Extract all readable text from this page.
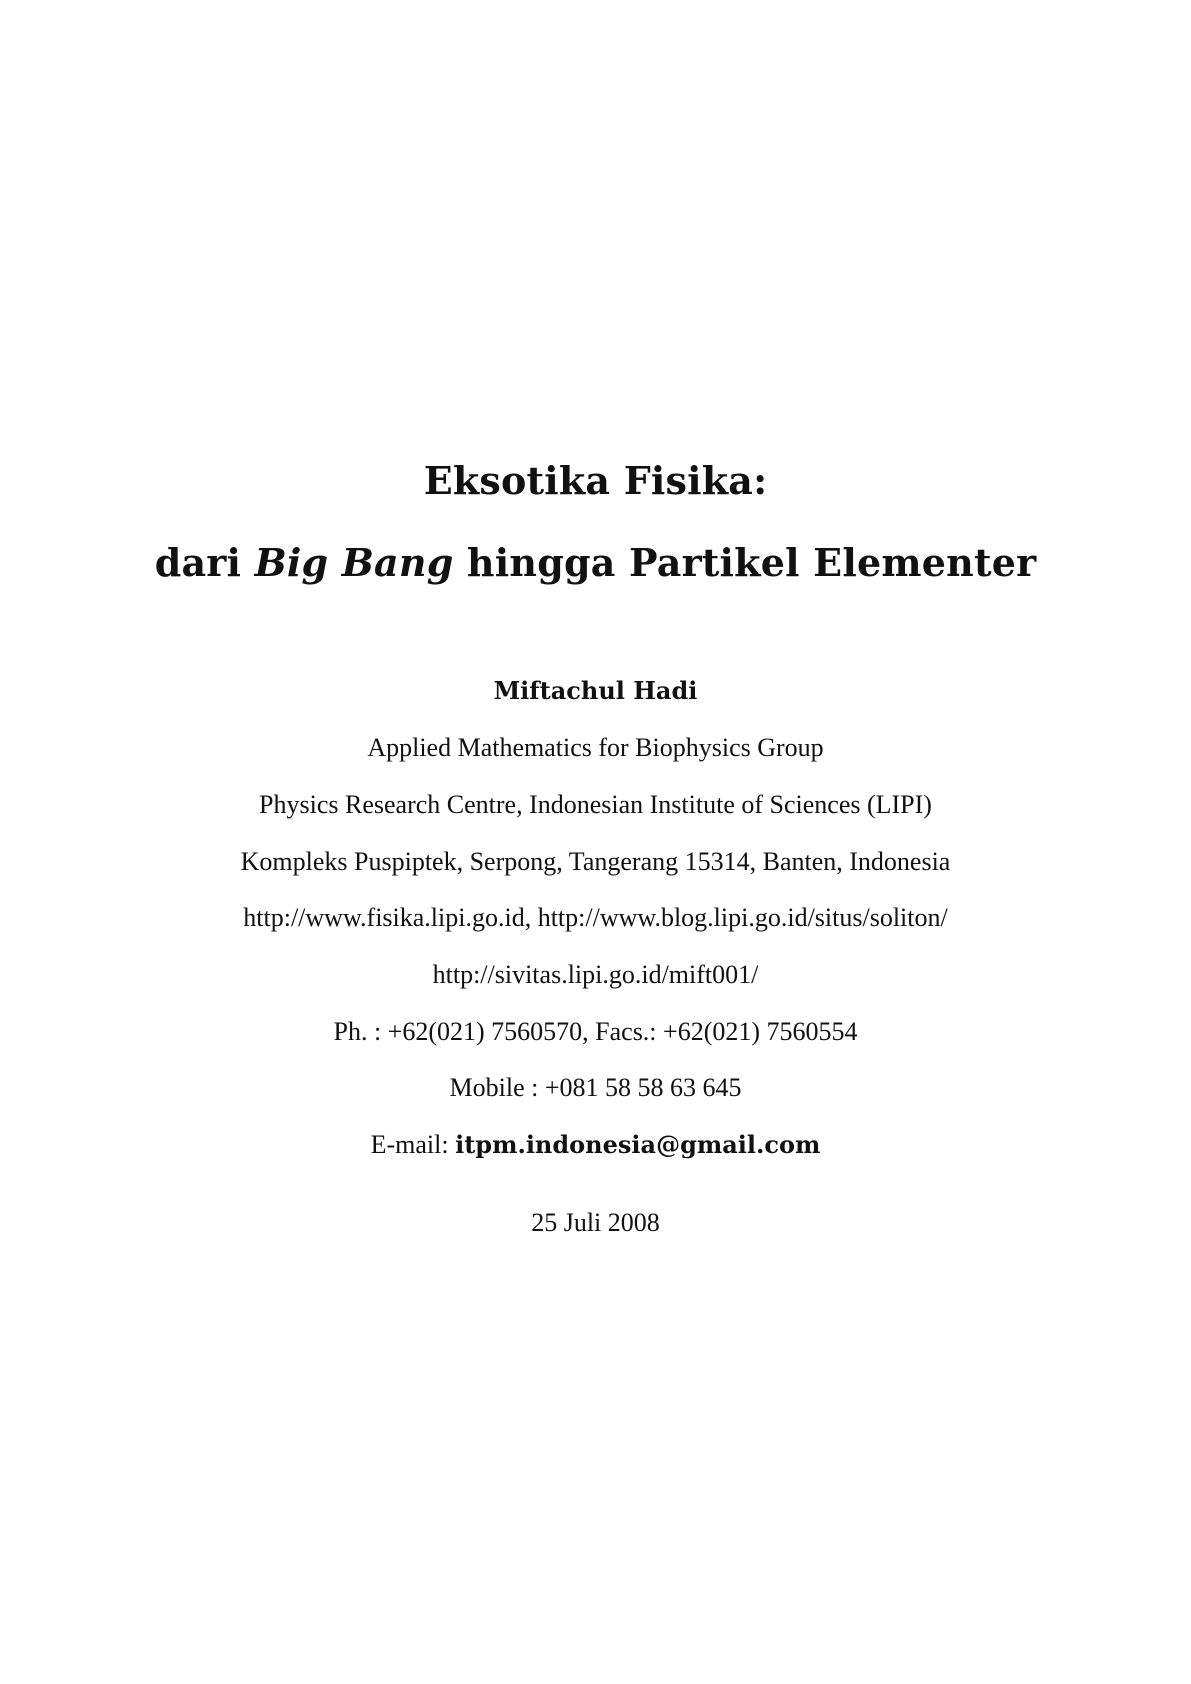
Eksotika Fisika:
dari Big Bang hingga Partikel Elementer
Miftachul Hadi
Applied Mathematics for Biophysics Group
Physics Research Centre, Indonesian Institute of Sciences (LIPI)
Kompleks Puspiptek, Serpong, Tangerang 15314, Banten, Indonesia
http://www.fisika.lipi.go.id, http://www.blog.lipi.go.id/situs/soliton/
http://sivitas.lipi.go.id/mift001/
Ph. : +62(021) 7560570, Facs.: +62(021) 7560554
Mobile : +081 58 58 63 645
E-mail: itpm.indonesia@gmail.com
25 Juli 2008
